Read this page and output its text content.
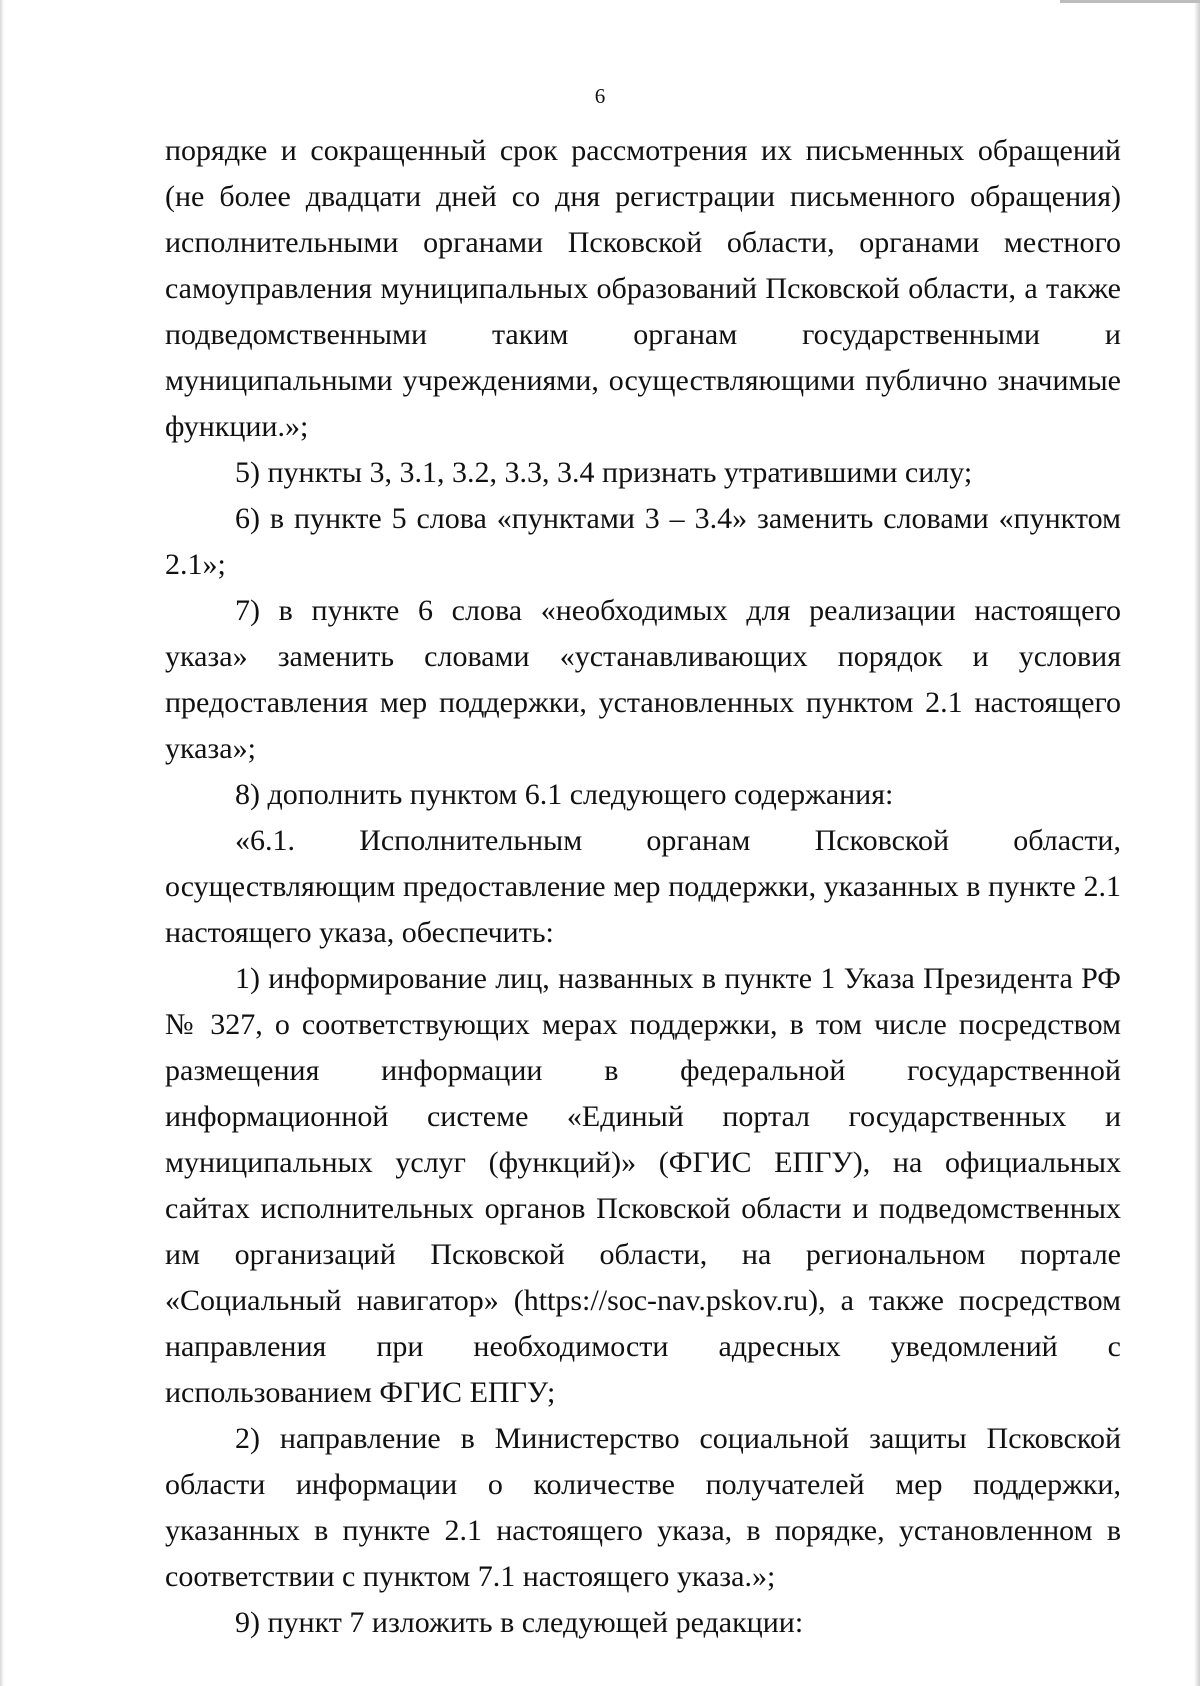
6

порядке и сокращенный срок рассмотрения их письменных обращений (не более двадцати дней со дня регистрации письменного обращения) исполнительными органами Псковской области, органами местного самоуправления муниципальных образований Псковской области, а также подведомственными таким органам государственными и муниципальными учреждениями, осуществляющими публично значимые функции.»;

5) пункты 3, 3.1, 3.2, 3.3, 3.4 признать утратившими силу;

6) в пункте 5 слова «пунктами 3 – 3.4» заменить словами «пунктом 2.1»;

7) в пункте 6 слова «необходимых для реализации настоящего указа» заменить словами «устанавливающих порядок и условия предоставления мер поддержки, установленных пунктом 2.1 настоящего указа»;

8) дополнить пунктом 6.1 следующего содержания:

«6.1. Исполнительным органам Псковской области, осуществляющим предоставление мер поддержки, указанных в пункте 2.1 настоящего указа, обеспечить:

1) информирование лиц, названных в пункте 1 Указа Президента РФ № 327, о соответствующих мерах поддержки, в том числе посредством размещения информации в федеральной государственной информационной системе «Единый портал государственных и муниципальных услуг (функций)» (ФГИС ЕПГУ), на официальных сайтах исполнительных органов Псковской области и подведомственных им организаций Псковской области, на региональном портале «Социальный навигатор» (https://soc-nav.pskov.ru), а также посредством направления при необходимости адресных уведомлений с использованием ФГИС ЕПГУ;

2) направление в Министерство социальной защиты Псковской области информации о количестве получателей мер поддержки, указанных в пункте 2.1 настоящего указа, в порядке, установленном в соответствии с пунктом 7.1 настоящего указа.»;

9) пункт 7 изложить в следующей редакции:
